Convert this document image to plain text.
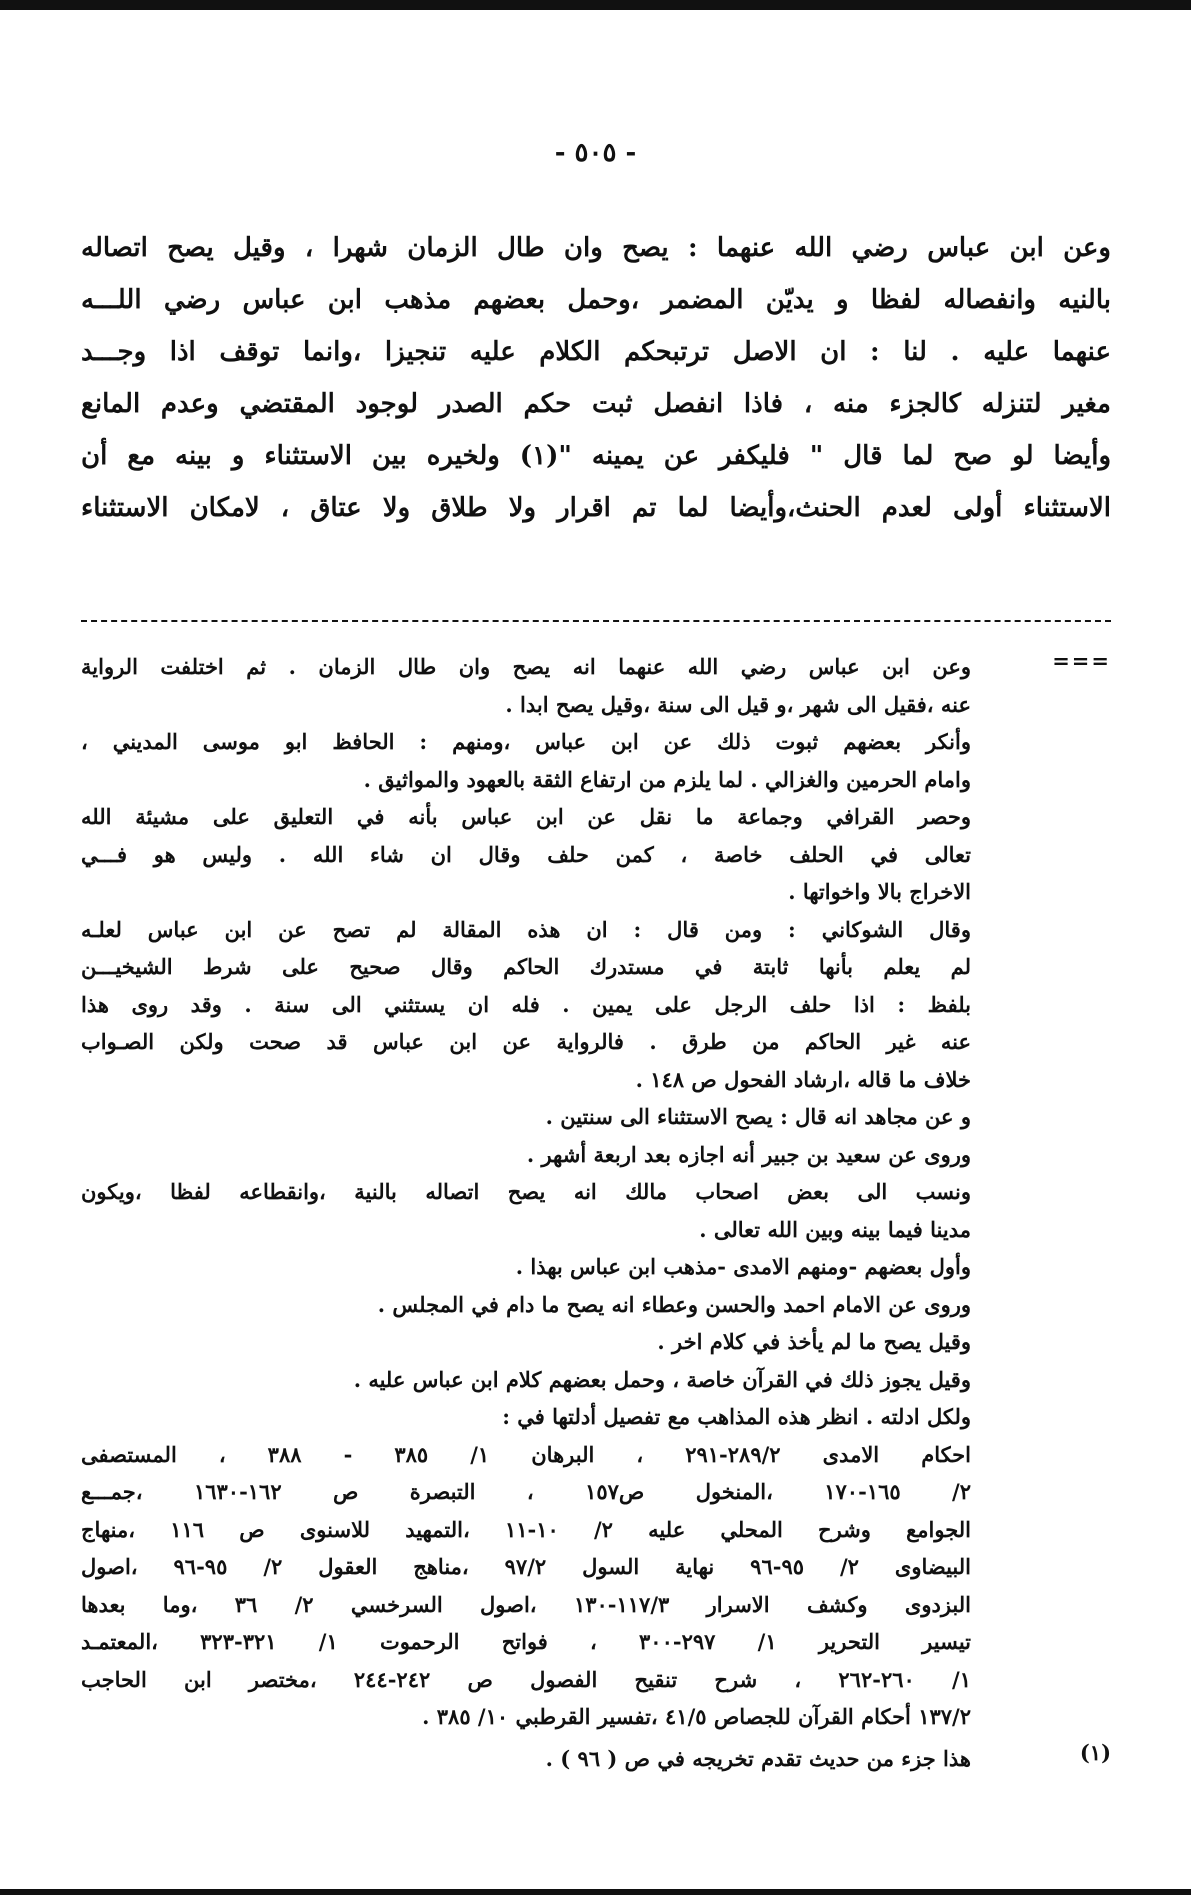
- ٥٠٥ -
وعن ابن عباس رضي الله عنهما : يصح وان طال الزمان شهرا ، وقيل يصح اتصاله
بالنيه وانفصاله لفظا و يديّن المضمر ،وحمل بعضهم مذهب ابن عباس رضي اللـــه
عنهما عليه . لنا : ان الاصل ترتبحكم الكلام عليه تنجيزا ،وانما توقف اذا وجـــد
مغير لتنزله كالجزء منه ، فاذا انفصل ثبت حكم الصدر لوجود المقتضي وعدم المانع
وأيضا لو صح لما قال " فليكفر عن يمينه "(١) ولخيره بين الاستثناء و بينه مع أن
الاستثناء أولى لعدم الحنث،وأيضا لما تم اقرار ولا طلاق ولا عتاق ، لامكان الاستثناء
===
وعن ابن عباس رضي الله عنهما انه يصح وان طال الزمان . ثم اختلفت الرواية
عنه ،فقيل الى شهر ،و قيل الى سنة ،وقيل يصح ابدا .
وأنكر بعضهم ثبوت ذلك عن ابن عباس ،ومنهم : الحافظ ابو موسى المديني ،
وامام الحرمين والغزالي . لما يلزم من ارتفاع الثقة بالعهود والمواثيق .
وحصر القرافي وجماعة ما نقل عن ابن عباس بأنه في التعليق على مشيئة الله
تعالى في الحلف خاصة ، كمن حلف وقال ان شاء الله . وليس هو فـــي
الاخراج بالا واخواتها .
وقال الشوكاني : ومن قال : ان هذه المقالة لم تصح عن ابن عباس لعلـه
لم يعلم بأنها ثابتة في مستدرك الحاكم وقال صحيح على شرط الشيخيـــن
بلفظ : اذا حلف الرجل على يمين . فله ان يستثني الى سنة . وقد روى هذا
عنه غير الحاكم من طرق . فالرواية عن ابن عباس قد صحت ولكن الصـواب
خلاف ما قاله ،ارشاد الفحول ص ١٤٨ .
و عن مجاهد انه قال : يصح الاستثناء الى سنتين .
وروى عن سعيد بن جبير أنه اجازه بعد اربعة أشهر .
ونسب الى بعض اصحاب مالك انه يصح اتصاله بالنية ،وانقطاعه لفظا ،ويكون
مدينا فيما بينه وبين الله تعالى .
وأول بعضهم -ومنهم الامدى -مذهب ابن عباس بهذا .
وروى عن الامام احمد والحسن وعطاء انه يصح ما دام في المجلس .
وقيل يصح ما لم يأخذ في كلام اخر .
وقيل يجوز ذلك في القرآن خاصة ، وحمل بعضهم كلام ابن عباس عليه .
ولكل ادلته . انظر هذه المذاهب مع تفصيل أدلتها في :
احكام الامدى ٢٨٩/٢-٢٩١ ، البرهان ١/ ٣٨٥ - ٣٨٨ ، المستصفى
٢/ ١٦٥-١٧٠ ،المنخول ص١٥٧ ، التبصرة ص ١٦٢-١٦٣٠ ،جمـــع
الجوامع وشرح المحلي عليه ٢/ ١٠-١١ ،التمهيد للاسنوى ص ١١٦ ،منهاج
البيضاوى ٢/ ٩٥-٩٦ نهاية السول ٩٧/٢ ،مناهج العقول ٢/ ٩٥-٩٦ ،اصول
البزدوى وكشف الاسرار ١١٧/٣-١٣٠ ،اصول السرخسي ٢/ ٣٦ ،وما بعدها
تيسير التحرير ١/ ٢٩٧-٣٠٠ ، فواتح الرحموت ١/ ٣٢١-٣٢٣ ،المعتمـد
١/ ٢٦٠-٢٦٢ ، شرح تنقيح الفصول ص ٢٤٢-٢٤٤ ،مختصر ابن الحاجب
١٣٧/٢ أحكام القرآن للجصاص ٤١/٥ ،تفسير القرطبي ١٠/ ٣٨٥ .
(١)
هذا جزء من حديث تقدم تخريجه في ص ( ٩٦ ) .
